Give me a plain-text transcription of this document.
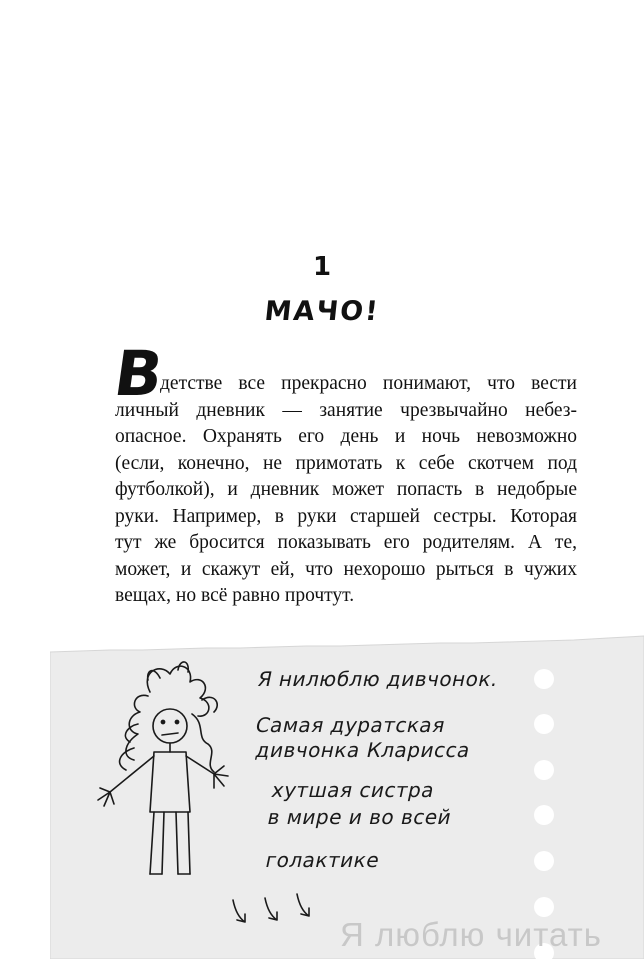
1
МАЧО!
В
детстве все прекрасно понимают, что вести
личный дневник — занятие чрезвычайно небез-
опасное. Охранять его день и ночь невозможно
(если, конечно, не примотать к себе скотчем под
футболкой), и дневник может попасть в недобрые
руки. Например, в руки старшей сестры. Которая
тут же бросится показывать его родителям. А те,
может, и скажут ей, что нехорошо рыться в чужих
вещах, но всё равно прочтут.
Я нилюблю дивчонок.
Самая дуратская
дивчонка Кларисса
хутшая систра
в мире и во всей
голактике
Я люблю читать
